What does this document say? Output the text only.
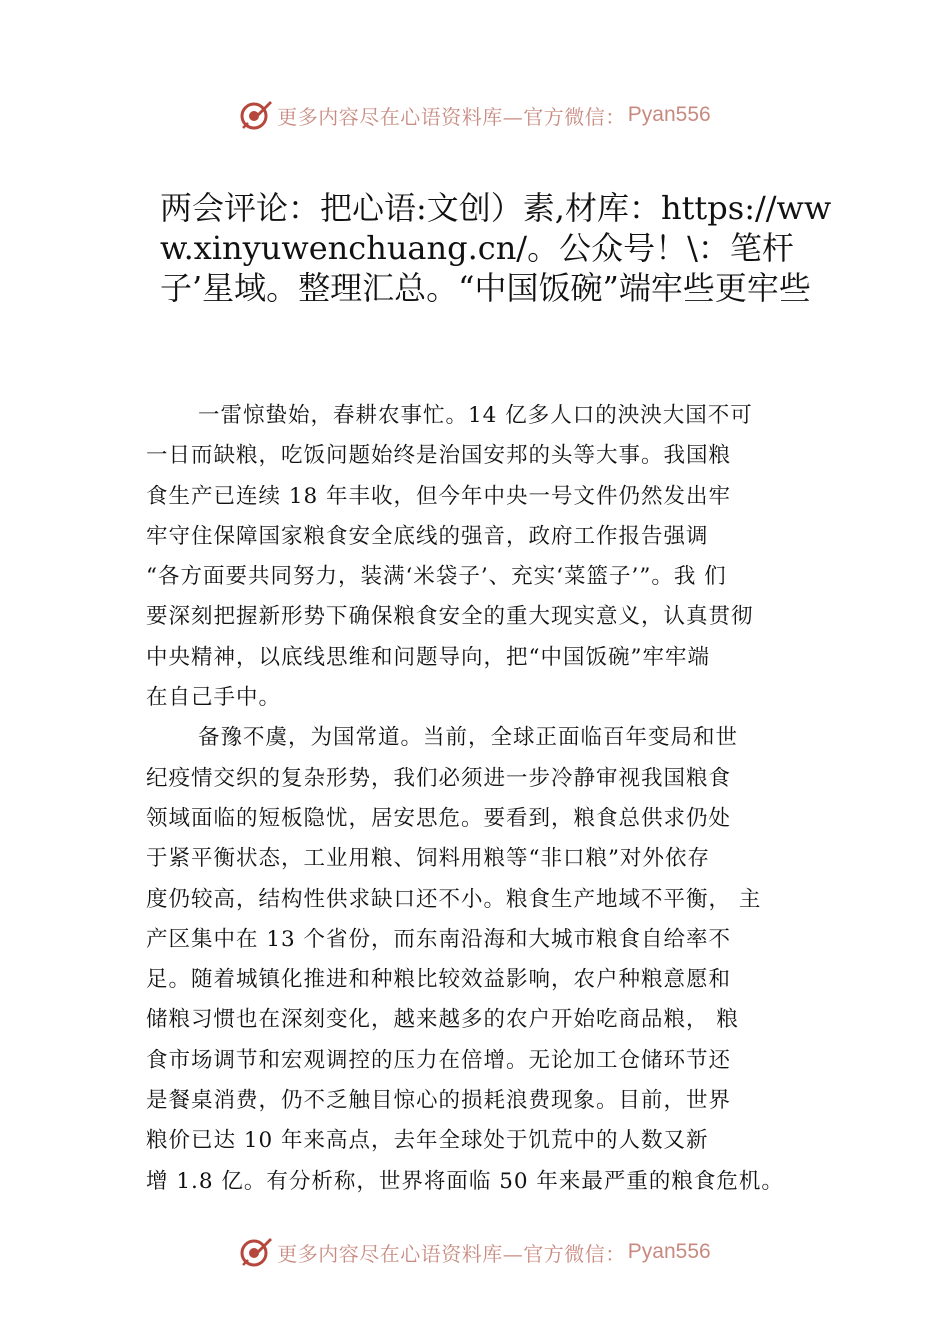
更多内容尽在心语资料库—官方微信： Pyan556
两会评论：把心语:文创）素,材库：https://www.xinyuwenchuang.cn/。公众号！\：笔杆子’星域。整理汇总。“中国饭碗”端牢些更牢些
一雷惊蛰始，春耕农事忙。14 亿多人口的泱泱大国不可
一日而缺粮，吃饭问题始终是治国安邦的头等大事。我国粮
食生产已连续 18 年丰收，但今年中央一号文件仍然发出牢
牢守住保障国家粮食安全底线的强音，政府工作报告强调
“各方面要共同努力，装满‘米袋子’、充实‘菜篮子’”。我 们
要深刻把握新形势下确保粮食安全的重大现实意义，认真贯彻
中央精神，以底线思维和问题导向，把“中国饭碗”牢牢端
在自己手中。
备豫不虞，为国常道。当前，全球正面临百年变局和世
纪疫情交织的复杂形势，我们必须进一步冷静审视我国粮食
领域面临的短板隐忧，居安思危。要看到，粮食总供求仍处
于紧平衡状态，工业用粮、饲料用粮等“非口粮”对外依存
度仍较高，结构性供求缺口还不小。粮食生产地域不平衡， 主
产区集中在 13 个省份，而东南沿海和大城市粮食自给率不
足。随着城镇化推进和种粮比较效益影响，农户种粮意愿和
储粮习惯也在深刻变化，越来越多的农户开始吃商品粮， 粮
食市场调节和宏观调控的压力在倍增。无论加工仓储环节还
是餐桌消费，仍不乏触目惊心的损耗浪费现象。目前，世界
粮价已达 10 年来高点，去年全球处于饥荒中的人数又新
增 1.8 亿。有分析称，世界将面临 50 年来最严重的粮食危机。
更多内容尽在心语资料库—官方微信： Pyan556
